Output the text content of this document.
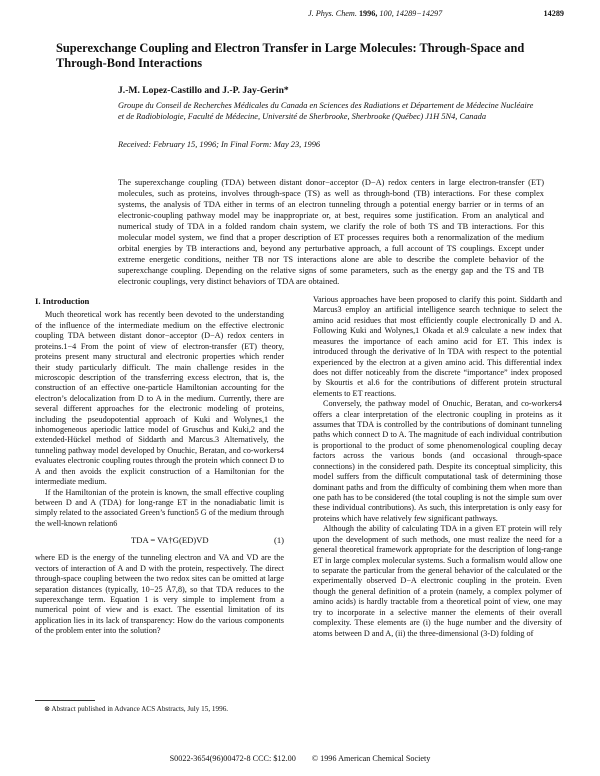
J. Phys. Chem. 1996, 100, 14289−14297	14289
Superexchange Coupling and Electron Transfer in Large Molecules: Through-Space and Through-Bond Interactions
J.-M. Lopez-Castillo and J.-P. Jay-Gerin*
Groupe du Conseil de Recherches Médicales du Canada en Sciences des Radiations et Département de Médecine Nucléaire et de Radiobiologie, Faculté de Médecine, Université de Sherbrooke, Sherbrooke (Québec) J1H 5N4, Canada
Received: February 15, 1996; In Final Form: May 23, 1996

The superexchange coupling (TDA) between distant donor−acceptor (D−A) redox centers in large electron-transfer (ET) molecules, such as proteins, involves through-space (TS) as well as through-bond (TB) interactions. For these complex systems, the analysis of TDA either in terms of an electron tunneling through a potential energy barrier or in terms of an electronic-coupling pathway model may be inappropriate or, at best, requires some justification. From an analytical and numerical study of TDA in a folded random chain system, we clarify the role of both TS and TB interactions. For this molecular model system, we find that a proper description of ET processes requires both a renormalization of the medium orbital energies by TB interactions and, beyond any perturbative approach, a full account of TS couplings. Except under extreme energetic conditions, neither TB nor TS interactions alone are able to describe the complete behavior of the superexchange coupling. Depending on the relative signs of some parameters, such as the energy gap and the TS and TB electronic couplings, very distinct behaviors of TDA are obtained.

I. Introduction

Much theoretical work has recently been devoted to the understanding of the influence of the intermediate medium on the effective electronic coupling TDA between distant donor−acceptor (D−A) redox centers in proteins.1−4 From the point of view of electron-transfer (ET) theory, proteins present many structural and electronic properties which render their study particularly difficult. The main challenge resides in the microscopic description of the transferring excess electron, that is, the construction of an effective one-particle Hamiltonian accounting for the electron’s delocalization from D to A in the medium. Currently, there are several different approaches for the electronic modeling of proteins, including the pseudopotential approach of Kuki and Wolynes,1 the inhomogeneous aperiodic lattice model of Gruschus and Kuki,2 and the extended-Hückel method of Siddarth and Marcus.3 Alternatively, the tunneling pathway model developed by Onuchic, Beratan, and co-workers4 evaluates electronic coupling routes through the protein which connect D to A and then avoids the explicit construction of a Hamiltonian for the intermediate medium.

If the Hamiltonian of the protein is known, the small effective coupling between D and A (TDA) for long-range ET in the nonadiabatic limit is simply related to the associated Green’s function5 G of the medium through the well-known relation6

TDA = VA†G(ED)VD	(1)

where ED is the energy of the tunneling electron and VA and VD are the vectors of interaction of A and D with the protein, respectively. The direct through-space coupling between the two redox sites can be omitted at large separation distances (typically, 10−25 Å7,8), so that TDA reduces to the superexchange term. Equation 1 is very simple to implement from a numerical point of view and is exact. The essential limitation of its application lies in its lack of transparency: How do the various components of the problem enter into the solution?

Various approaches have been proposed to clarify this point. Siddarth and Marcus3 employ an artificial intelligence search technique to select the amino acid residues that most efficiently couple electronically D and A. Following Kuki and Wolynes,1 Okada et al.9 calculate a new index that measures the importance of each amino acid for ET. This index is introduced through the derivative of ln TDA with respect to the potential experienced by the electron at a given amino acid. This differential index does not differ noticeably from the discrete “importance” index proposed by Skourtis et al.6 for the contributions of different protein structural elements to ET reactions.

Conversely, the pathway model of Onuchic, Beratan, and co-workers4 offers a clear interpretation of the electronic coupling in proteins as it assumes that TDA is controlled by the contributions of dominant tunneling paths which connect D to A. The magnitude of each individual contribution is proportional to the product of some phenomenological coupling decay factors across the various bonds (and occasional through-space connections) in the considered path. Despite its conceptual simplicity, this model suffers from the difficult computational task of determining those dominant paths and from the difficulty of combining them when more than one path has to be considered (the total coupling is not the simple sum over these individual contributions). As such, this interpretation is only easy for proteins which have relatively few significant pathways.

Although the ability of calculating TDA in a given ET protein will rely upon the development of such methods, one must realize the need for a general theoretical framework appropriate for the description of long-range ET in large complex molecular systems. Such a formalism would allow one to separate the particular from the general behavior of the calculated or the experimentally observed D−A electronic coupling in the protein. Even though the general definition of a protein (namely, a complex polymer of amino acids) is hardly tractable from a theoretical point of view, one may try to incorporate in a selective manner the elements of their overall complexity. These elements are (i) the huge number and the diversity of atoms between D and A, (ii) the three-dimensional (3-D) folding of

⊗ Abstract published in Advance ACS Abstracts, July 15, 1996.
S0022-3654(96)00472-8 CCC: $12.00 © 1996 American Chemical Society
